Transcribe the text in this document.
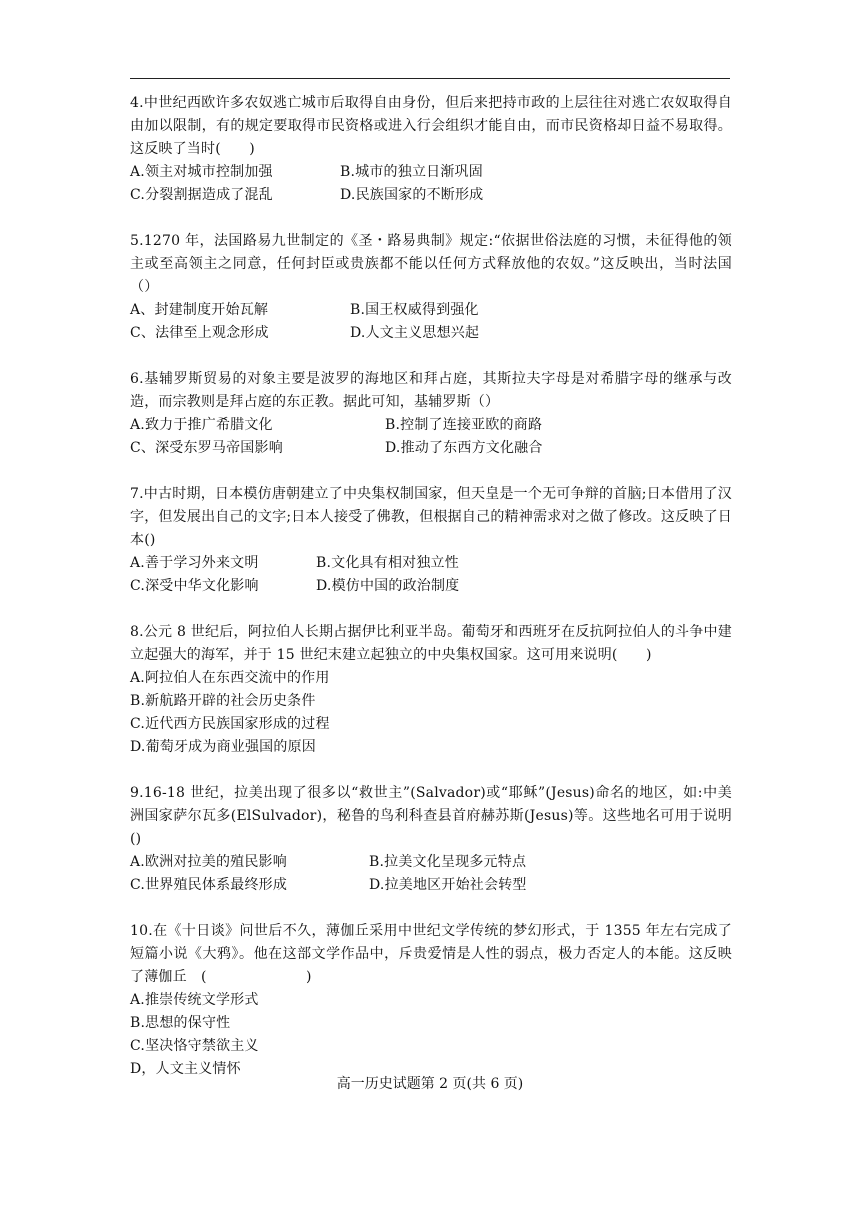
4.中世纪西欧许多农奴逃亡城市后取得自由身份，但后来把持市政的上层往往对逃亡农奴取得自由加以限制，有的规定要取得市民资格或进入行会组织才能自由，而市民资格却日益不易取得。这反映了当时(　　)
A.领主对城市控制加强	B.城市的独立日渐巩固
C.分裂割据造成了混乱	D.民族国家的不断形成
5.1270 年，法国路易九世制定的《圣・路易典制》规定:“依据世俗法庭的习惯，未征得他的领主或至高领主之同意，任何封臣或贵族都不能以任何方式释放他的农奴。”这反映出，当时法国（）
A、封建制度开始瓦解	B.国王权威得到强化
C、法律至上观念形成	D.人文主义思想兴起
6.基辅罗斯贸易的对象主要是波罗的海地区和拜占庭，其斯拉夫字母是对希腊字母的继承与改造，而宗教则是拜占庭的东正教。据此可知，基辅罗斯（）
A.致力于推广希腊文化	B.控制了连接亚欧的商路
C、深受东罗马帝国影响	D.推动了东西方文化融合
7.中古时期，日本模仿唐朝建立了中央集权制国家，但天皇是一个无可争辩的首脑;日本借用了汉字，但发展出自己的文字;日本人接受了佛教，但根据自己的精神需求对之做了修改。这反映了日本()
A.善于学习外来文明	B.文化具有相对独立性
C.深受中华文化影响	D.模仿中国的政治制度
8.公元 8 世纪后，阿拉伯人长期占据伊比利亚半岛。葡萄牙和西班牙在反抗阿拉伯人的斗争中建立起强大的海军，并于 15 世纪末建立起独立的中央集权国家。这可用来说明(　　)
A.阿拉伯人在东西交流中的作用
B.新航路开辟的社会历史条件
C.近代西方民族国家形成的过程
D.葡萄牙成为商业强国的原因
9.16-18 世纪，拉美出现了很多以“救世主”(Salvador)或“耶稣”(Jesus)命名的地区，如:中美洲国家萨尔瓦多(ElSulvador)，秘鲁的鸟利科查县首府赫苏斯(Jesus)等。这些地名可用于说明()
A.欧洲对拉美的殖民影响	B.拉美文化呈现多元特点
C.世界殖民体系最终形成	D.拉美地区开始社会转型
10.在《十日谈》问世后不久，薄伽丘采用中世纪文学传统的梦幻形式，于 1355 年左右完成了短篇小说《大鸦》。他在这部文学作品中，斥贵爱情是人性的弱点，极力否定人的本能。这反映了薄伽丘　(　　　　　　　)
A.推崇传统文学形式
B.思想的保守性
C.坚决恪守禁欲主义
D，人文主义情怀
高一历史试题第 2 页(共 6 页)
